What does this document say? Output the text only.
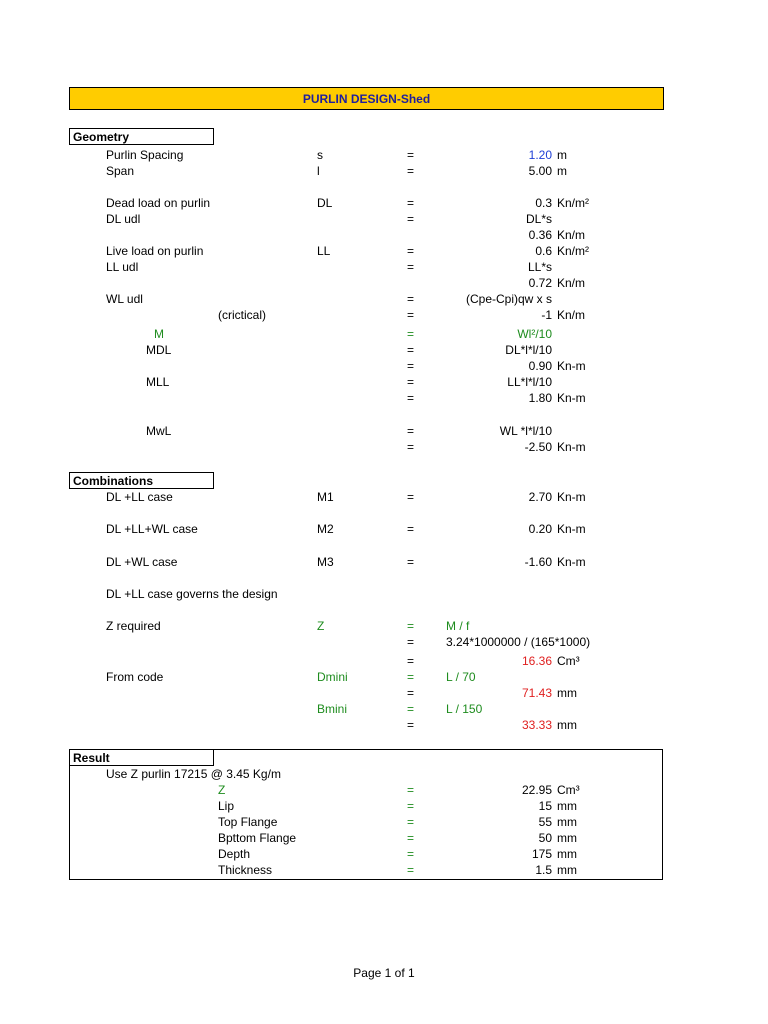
PURLIN DESIGN-Shed
Geometry
Purlin Spacing	s	=	1.20 m
Span	l	=	5.00 m
Dead load on purlin	DL	=	0.3 Kn/m²
DL udl	=	DL*s
0.36 Kn/m
Live load on purlin	LL	=	0.6 Kn/m²
LL udl	=	LL*s
0.72 Kn/m
WL udl	=	(Cpe-Cpi)qw x s
(crictical)	=	-1 Kn/m
M	=	Wl²/10
MDL	=	DL*l*l/10
=	0.90 Kn-m
MLL	=	LL*l*l/10
=	1.80 Kn-m
MwL	=	WL *l*l/10
=	-2.50 Kn-m
Combinations
DL +LL case	M1	=	2.70 Kn-m
DL +LL+WL case	M2	=	0.20 Kn-m
DL +WL case	M3	=	-1.60 Kn-m
DL +LL case governs the design
Z required	Z	=	M / f
=	3.24*1000000 / (165*1000)
=	16.36 Cm³
From code	Dmini	=	L / 70
=	71.43 mm
Bmini	=	L / 150
=	33.33 mm
Result
Use Z purlin 17215 @ 3.45 Kg/m
Z	=	22.95 Cm³
Lip	=	15 mm
Top Flange	=	55 mm
Bpttom Flange	=	50 mm
Depth	=	175 mm
Thickness	=	1.5 mm
Page 1 of 1
